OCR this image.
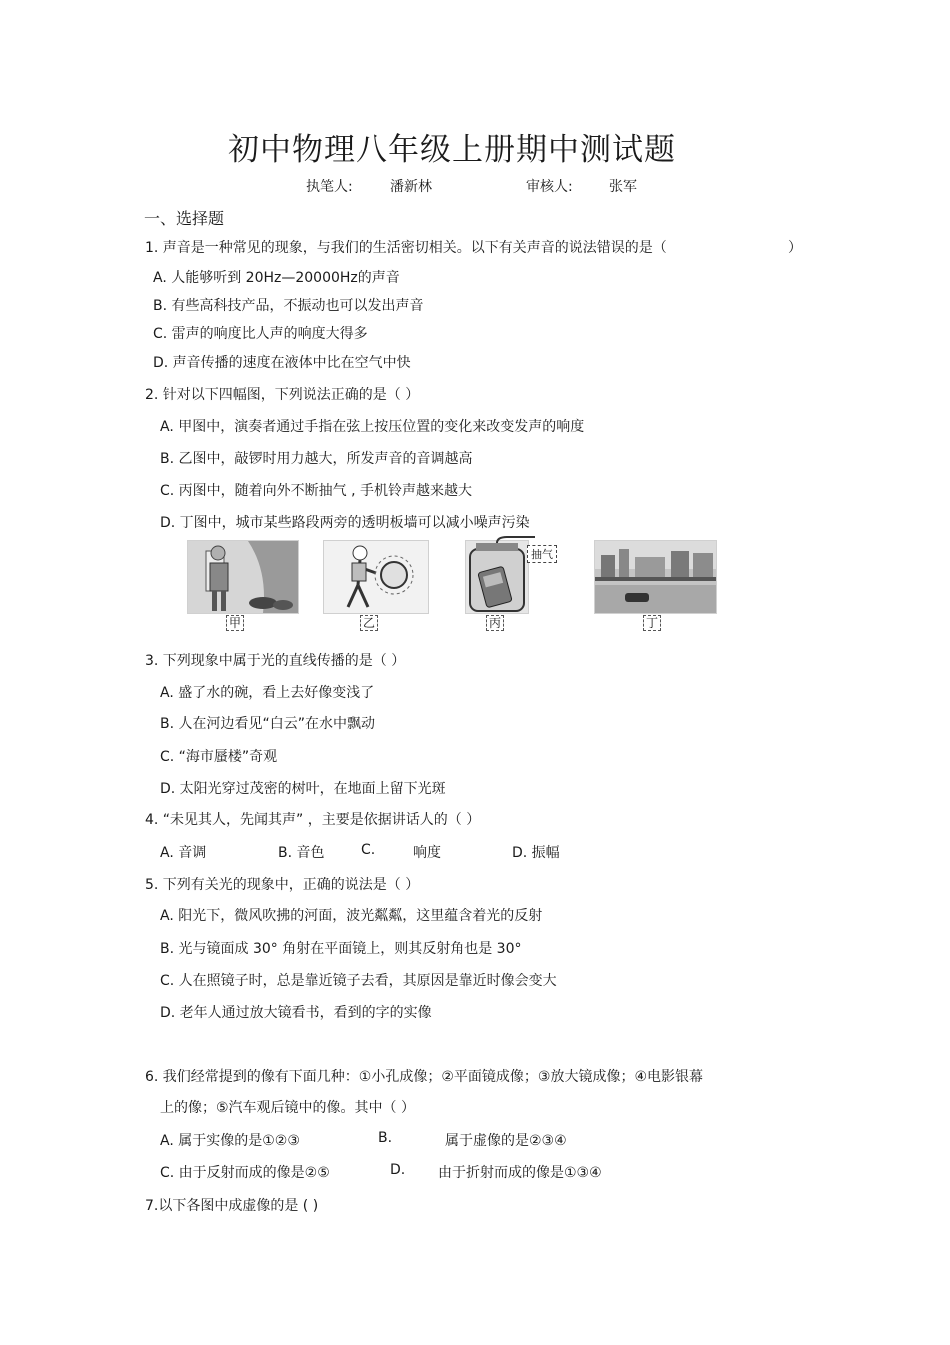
初中物理八年级上册期中测试题
执笔人:	潘新林	审核人:	张军
一、选择题
1. 声音是一种常见的现象，与我们的生活密切相关。以下有关声音的说法错误的是（	）
A. 人能够听到 20Hz—20000Hz的声音
B. 有些高科技产品，不振动也可以发出声音
C. 雷声的响度比人声的响度大得多
D. 声音传播的速度在液体中比在空气中快
2. 针对以下四幅图，下列说法正确的是（ ）
A. 甲图中，演奏者通过手指在弦上按压位置的变化来改变发声的响度
B. 乙图中，敲锣时用力越大，所发声音的音调越高
C. 丙图中，随着向外不断抽气 , 手机铃声越来越大
D. 丁图中，城市某些路段两旁的透明板墙可以减小噪声污染
抽气
甲	乙	丙	丁
3. 下列现象中属于光的直线传播的是（ ）
A. 盛了水的碗，看上去好像变浅了
B. 人在河边看见“白云”在水中飘动
C. “海市蜃楼”奇观
D. 太阳光穿过茂密的树叶，在地面上留下光斑
4. “未见其人，先闻其声” ，主要是依据讲话人的（ ）
A. 音调	B. 音色	C.	响度	D. 振幅
5. 下列有关光的现象中，正确的说法是（ ）
A. 阳光下，微风吹拂的河面，波光粼粼，这里蕴含着光的反射
B. 光与镜面成 30° 角射在平面镜上，则其反射角也是 30°
C. 人在照镜子时，总是靠近镜子去看，其原因是靠近时像会变大
D. 老年人通过放大镜看书，看到的字的实像
6. 我们经常提到的像有下面几种：①小孔成像；②平面镜成像；③放大镜成像；④电影银幕
上的像；⑤汽车观后镜中的像。其中（ ）
A. 属于实像的是①②③	B.	属于虚像的是②③④
C. 由于反射而成的像是②⑤	D. 由于折射而成的像是①③④
7.以下各图中成虚像的是 ( )
